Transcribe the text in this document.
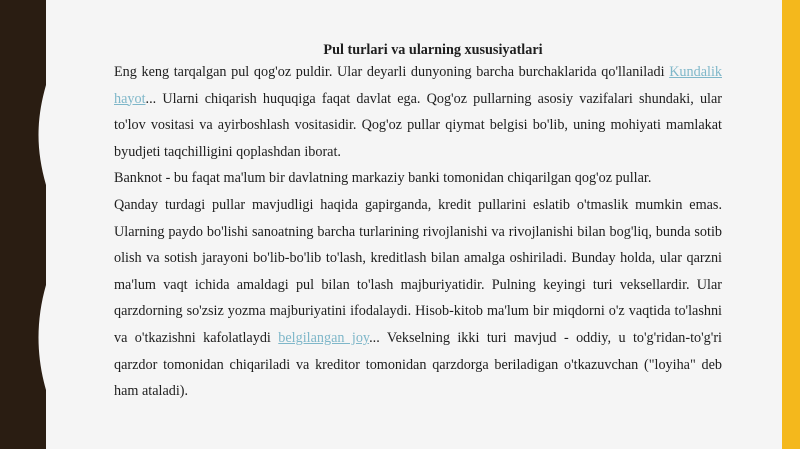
Pul turlari va ularning xususiyatlari

Eng keng tarqalgan pul qog'oz puldir. Ular deyarli dunyoning barcha burchaklarida qo'llaniladi Kundalik hayot... Ularni chiqarish huquqiga faqat davlat ega. Qog'oz pullarning asosiy vazifalari shundaki, ular to'lov vositasi va ayirboshlash vositasidir. Qog'oz pullar qiymat belgisi bo'lib, uning mohiyati mamlakat byudjeti taqchilligini qoplashdan iborat.

Banknot - bu faqat ma'lum bir davlatning markaziy banki tomonidan chiqarilgan qog'oz pullar.

Qanday turdagi pullar mavjudligi haqida gapirganda, kredit pullarini eslatib o'tmaslik mumkin emas. Ularning paydo bo'lishi sanoatning barcha turlarining rivojlanishi va rivojlanishi bilan bog'liq, bunda sotib olish va sotish jarayoni bo'lib-bo'lib to'lash, kreditlash bilan amalga oshiriladi. Bunday holda, ular qarzni ma'lum vaqt ichida amaldagi pul bilan to'lash majburiyatidir. Pulning keyingi turi veksellardir. Ular qarzdorning so'zsiz yozma majburiyatini ifodalaydi. Hisob-kitob ma'lum bir miqdorni o'z vaqtida to'lashni va o'tkazishni kafolatlaydi belgilangan joy... Vekselning ikki turi mavjud - oddiy, u to'g'ridan-to'g'ri qarzdor tomonidan chiqariladi va kreditor tomonidan qarzdorga beriladigan o'tkazuvchan ("loyiha" deb ham ataladi).
